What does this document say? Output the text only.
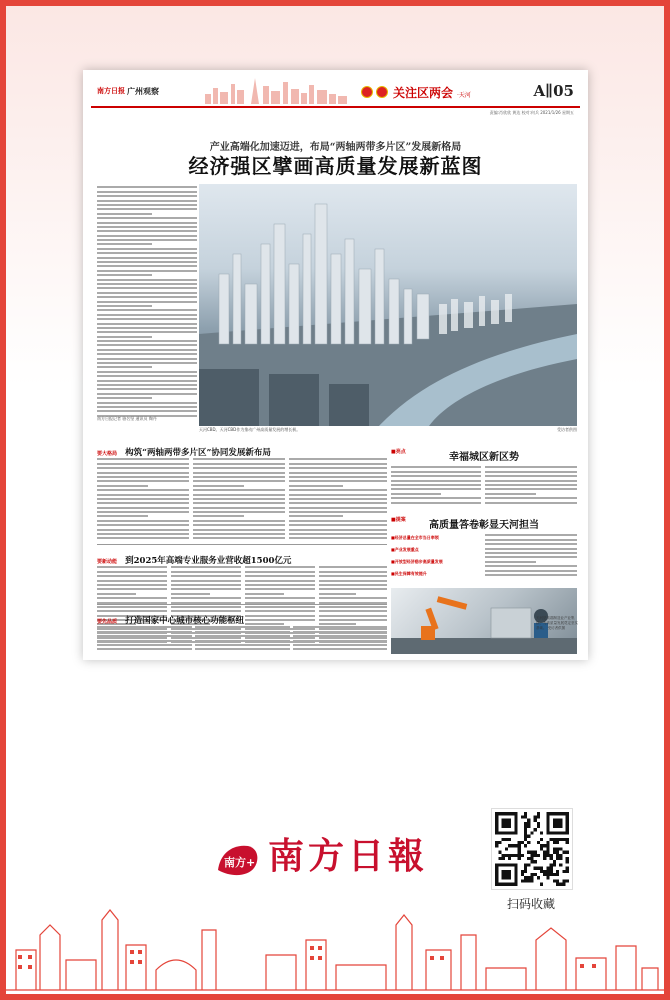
南方日报 广州观察	关注区两会 ·天河	A∥05
责编:肖欣欣 黄达 校对:何兵 2021/1/26 星期五
产业高端化加速迈进，布局“两轴两带多片区”发展新格局
经济强区擘画高质量发展新蓝图
南方日报记者 骆名坚 通讯员 陶丹
天河CBD。天河CBD作为推动广州高质量发展的增长极。	受访者供图
要大格局 构筑“两轴两带多片区”协同发展新布局
要新动能 到2025年高端专业服务业营收超1500亿元
要先品质 打造国家中心城市核心功能枢纽
■亮点	幸福城区新区势
■提案	高质量答卷彰显天河担当
■经济总量在全市当日率领
■产业发展重点
■开放型经济稳步高质量发展
■民生保障有效提升
天河是高端制造业产业集群，为高质量发展奠定坚实基础。 受访者供图
南方+ 南方日報
扫码收藏
